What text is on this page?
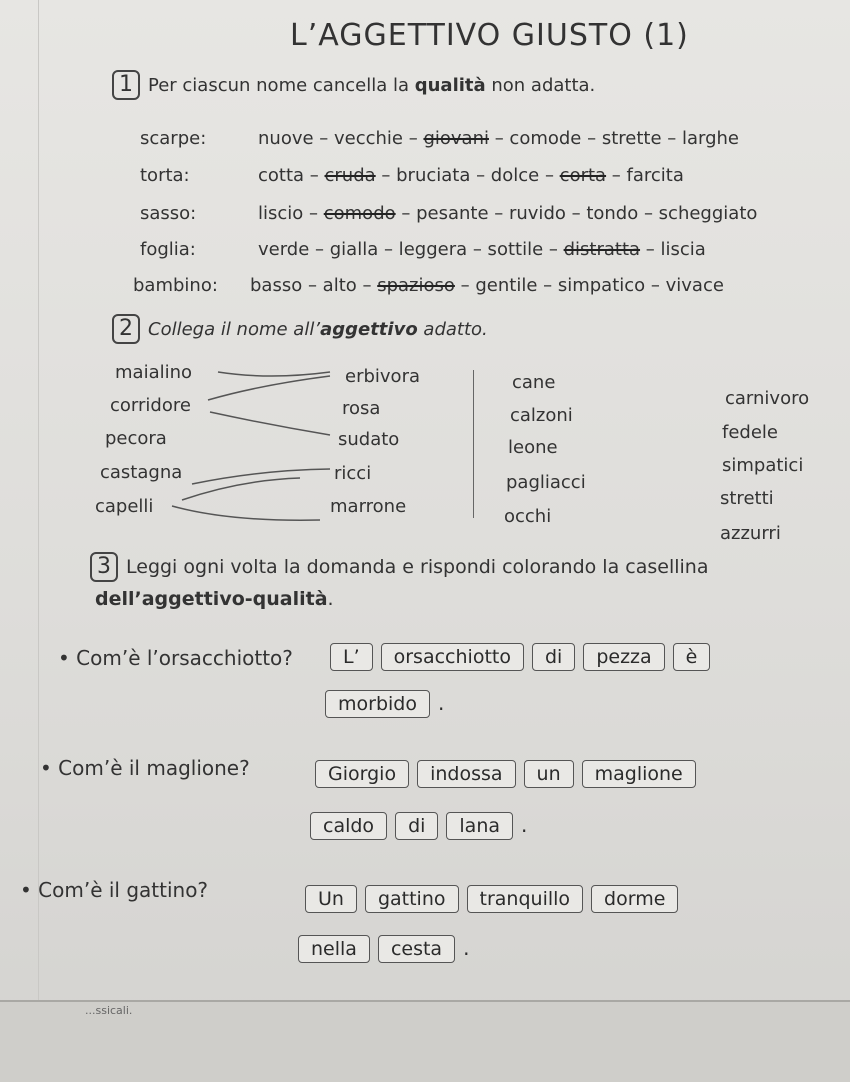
L’AGGETTIVO GIUSTO (1)
1 Per ciascun nome cancella la qualità non adatta.
scarpe:	nuove – vecchie – giovani – comode – strette – larghe
torta:	cotta – cruda – bruciata – dolce – corta – farcita
sasso:	liscio – comodo – pesante – ruvido – tondo – scheggiato
foglia:	verde – gialla – leggera – sottile – distratta – liscia
bambino: basso – alto – spazioso – gentile – simpatico – vivace
2 Collega il nome all’aggettivo adatto.
maialino
corridore
pecora
castagna
capelli
erbivora
rosa
sudato
ricci
marrone
cane
calzoni
leone
pagliacci
occhi
carnivoro
fedele
simpatici
stretti
azzurri
3 Leggi ogni volta la domanda e rispondi colorando la casellina
dell’aggettivo-qualità.
• Com’è l’orsacchiotto?	L’ orsacchiotto di pezza è
morbido .
• Com’è il maglione?	Giorgio indossa un maglione
caldo di lana .
• Com’è il gattino?	Un gattino tranquillo dorme
nella cesta .
...ssicali.
